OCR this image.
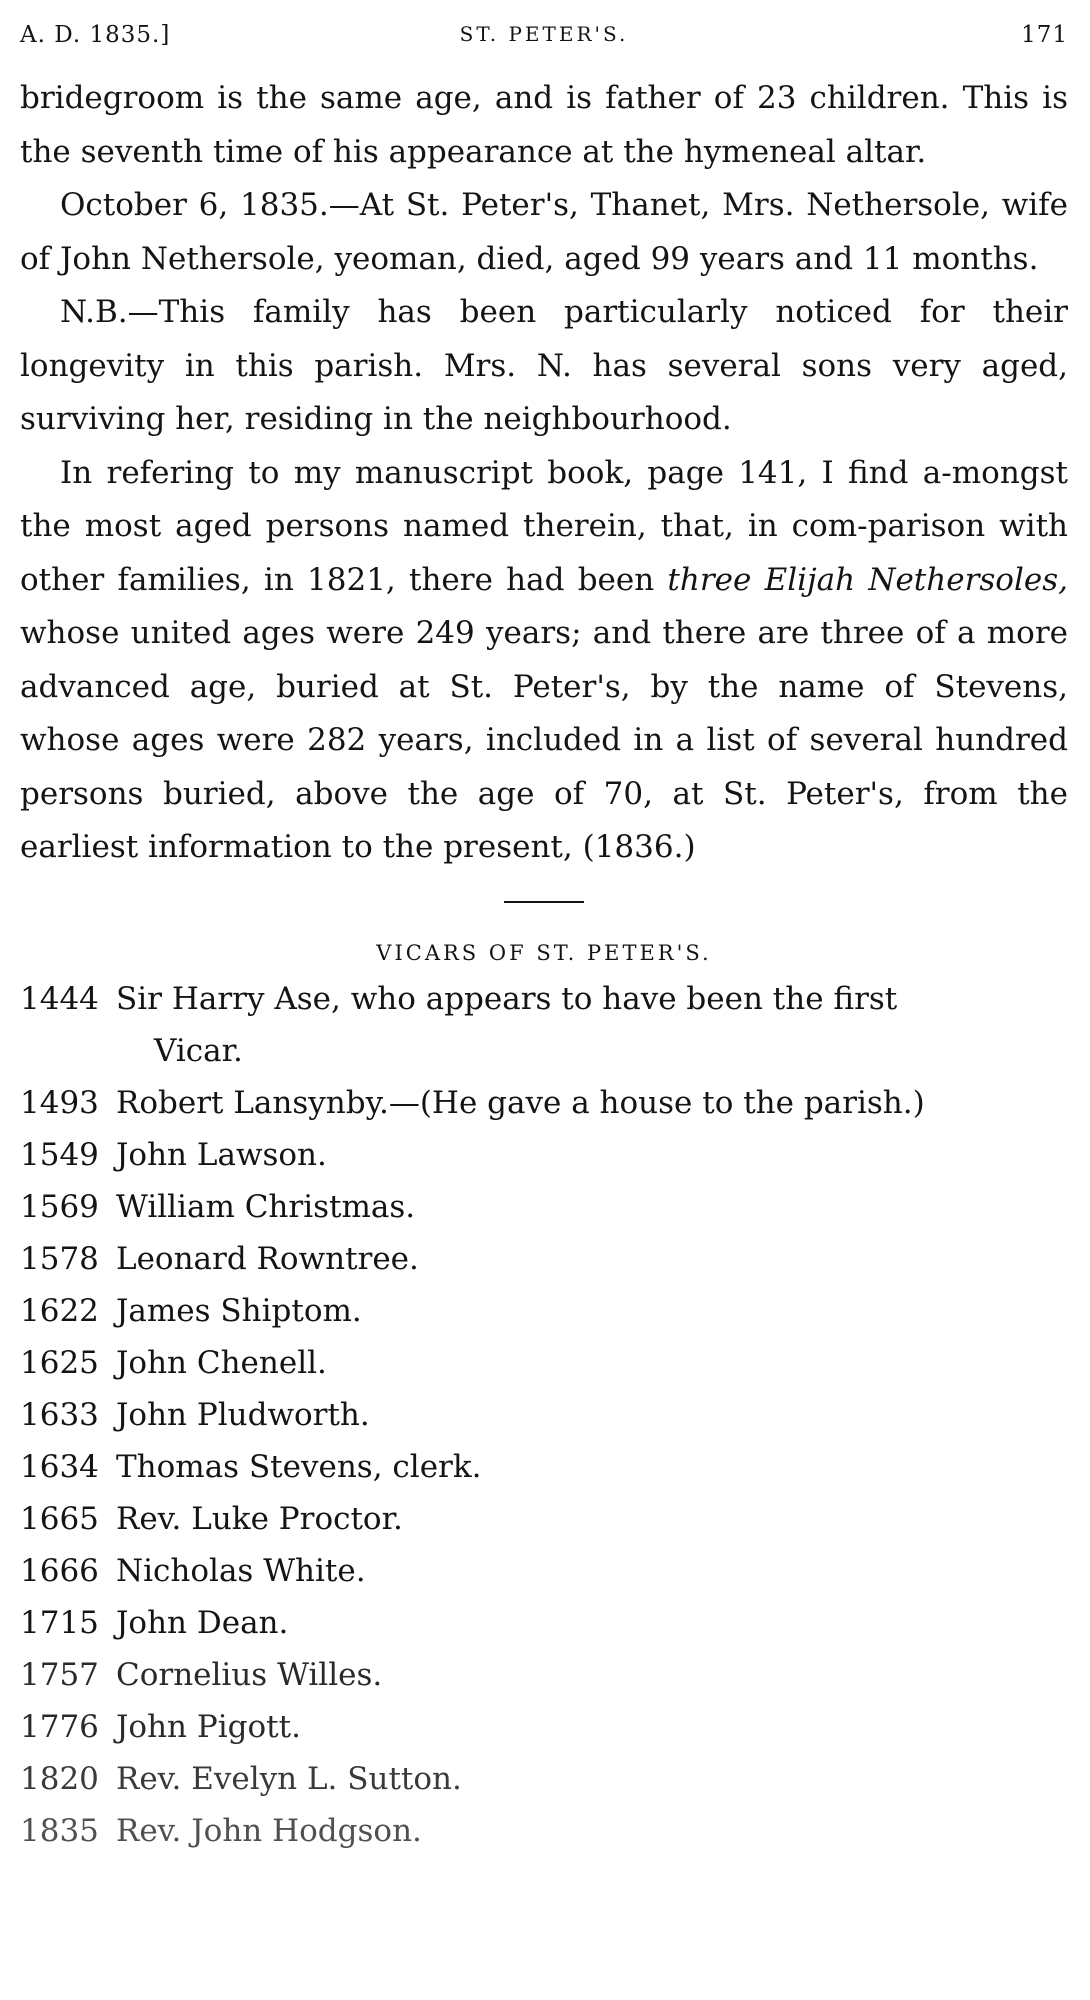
A. D. 1835.]	ST. PETER'S.	171

bridegroom is the same age, and is father of 23 children. This is the seventh time of his appearance at the hymeneal altar.

October 6, 1835.—At St. Peter's, Thanet, Mrs. Nethersole, wife of John Nethersole, yeoman, died, aged 99 years and 11 months.

N.B.—This family has been particularly noticed for their longevity in this parish. Mrs. N. has several sons very aged, surviving her, residing in the neighbourhood.

In refering to my manuscript book, page 141, I find a-mongst the most aged persons named therein, that, in com-parison with other families, in 1821, there had been three Elijah Nethersoles, whose united ages were 249 years; and there are three of a more advanced age, buried at St. Peter's, by the name of Stevens, whose ages were 282 years, included in a list of several hundred persons buried, above the age of 70, at St. Peter's, from the earliest information to the present, (1836.)

VICARS OF ST. PETER'S.
1444 Sir Harry Ase, who appears to have been the first
Vicar.
1493 Robert Lansynby.—(He gave a house to the parish.)
1549 John Lawson.
1569 William Christmas.
1578 Leonard Rowntree.
1622 James Shiptom.
1625 John Chenell.
1633 John Pludworth.
1634 Thomas Stevens, clerk.
1665 Rev. Luke Proctor.
1666 Nicholas White.
1715 John Dean.
1757 Cornelius Willes.
1776 John Pigott.
1820 Rev. Evelyn L. Sutton.
1835 Rev. John Hodgson.
